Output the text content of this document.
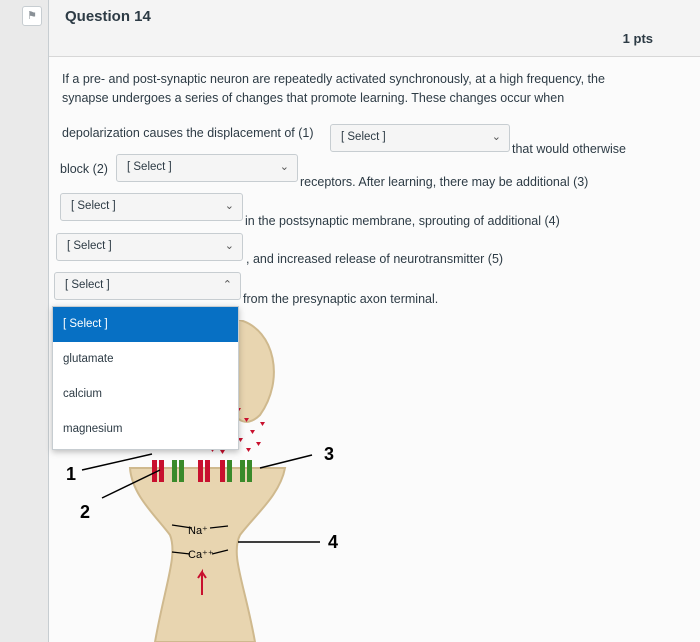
⚑	Question 14
1 pts
If a pre- and post-synaptic neuron are repeatedly activated synchronously, at a high frequency, the
synapse undergoes a series of changes that promote learning. These changes occur when
depolarization causes the displacement of (1)
that would otherwise
block (2)
receptors. After learning, there may be additional (3)
in the postsynaptic membrane, sprouting of additional (4)
, and increased release of neurotransmitter (5)
from the presynaptic axon terminal.
[ Select ]	⌄
[ Select ]	⌄
[ Select ]	⌄
[ Select ]	⌄
[ Select ]	⌃
Na⁺
Ca⁺⁺
1
2
3
4
[ Select ]
glutamate
calcium
magnesium
